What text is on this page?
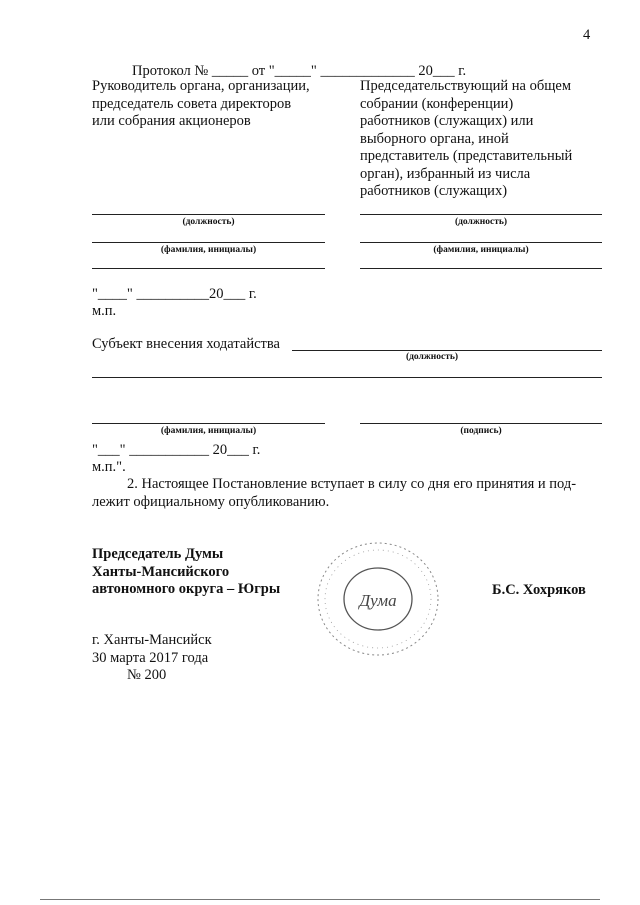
4
Протокол № _____ от "_____" _____________ 20___ г.
Руководитель органа, организации,
председатель совета директоров
или собрания акционеров
Председательствующий на общем
собрании (конференции)
работников (служащих) или
выборного органа, иной
представитель (представительный
орган), избранный из числа
работников (служащих)
(должность)
(фамилия, инициалы)
(должность)
(фамилия, инициалы)
"____" __________20___ г.
м.п.
Субъект внесения ходатайства
(должность)
(фамилия, инициалы)	(подпись)
"___" ___________ 20___ г.
м.п.".
2. Настоящее Постановление вступает в силу со дня его принятия и под-
лежит официальному опубликованию.
Председатель Думы
Ханты-Мансийского
автономного округа – Югры	Б.С. Хохряков
Дума
г. Ханты-Мансийск
30 марта 2017 года
№ 200
